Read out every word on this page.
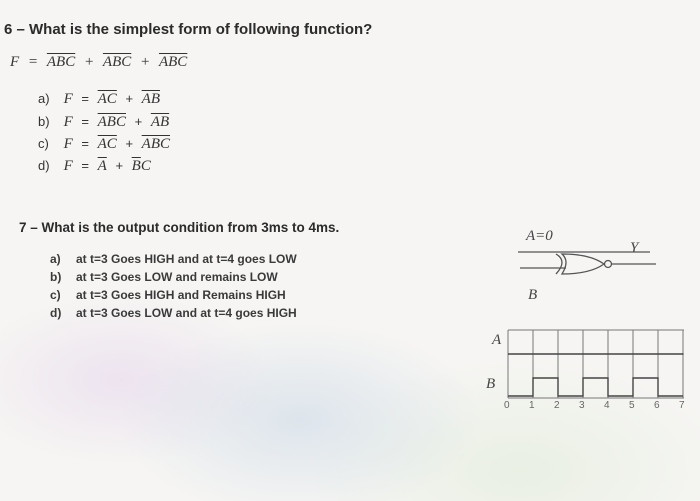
6 – What is the simplest form of following function?
$F = \overline{ABC} + \overline{ABC} + \overline{AB}\overline{C}$
a) $F = \overline{AC} + \overline{AB}$
b) $F = \overline{ABC} + \overline{AB}$
c) $F = \overline{AC} + \overline{ABC}$
d) $F = \overline{A} + \overline{B}C$
7 – What is the output condition from 3ms to 4ms.
a) at t=3 Goes HIGH and at t=4 goes LOW
b) at t=3 Goes LOW and remains LOW
c) at t=3 Goes HIGH and Remains HIGH
d) at t=3 Goes LOW and at t=4 goes HIGH
A=0
B
Y
A
B
0 1 2 3 4 5 6 7
